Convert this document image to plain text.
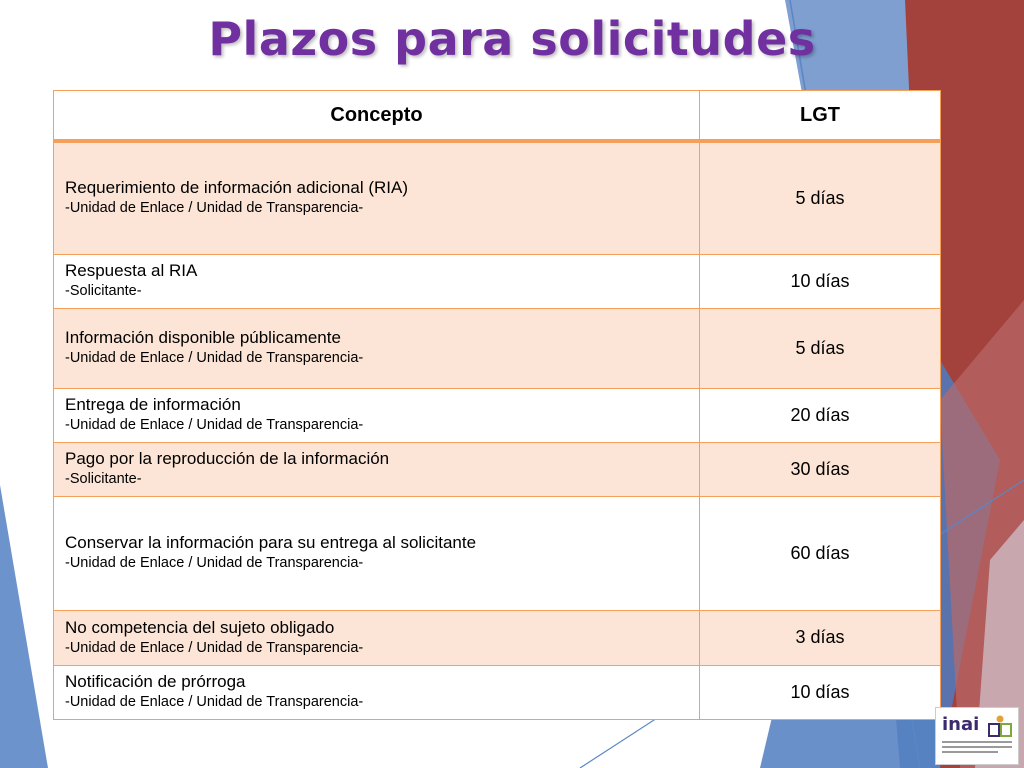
Plazos para solicitudes
Concepto	LGT
Requerimiento de información adicional (RIA)
-Unidad de Enlace / Unidad de Transparencia-	5 días
Respuesta al RIA
-Solicitante-	10 días
Información disponible públicamente
-Unidad de Enlace / Unidad de Transparencia-	5 días
Entrega de información
-Unidad de Enlace / Unidad de Transparencia-	20 días
Pago por la reproducción de la información
-Solicitante-	30 días
Conservar la información para su entrega al solicitante
-Unidad de Enlace / Unidad de Transparencia-	60 días
No competencia del sujeto obligado
-Unidad de Enlace / Unidad de Transparencia-	3 días
Notificación de prórroga
-Unidad de Enlace / Unidad de Transparencia-	10 días
inai
